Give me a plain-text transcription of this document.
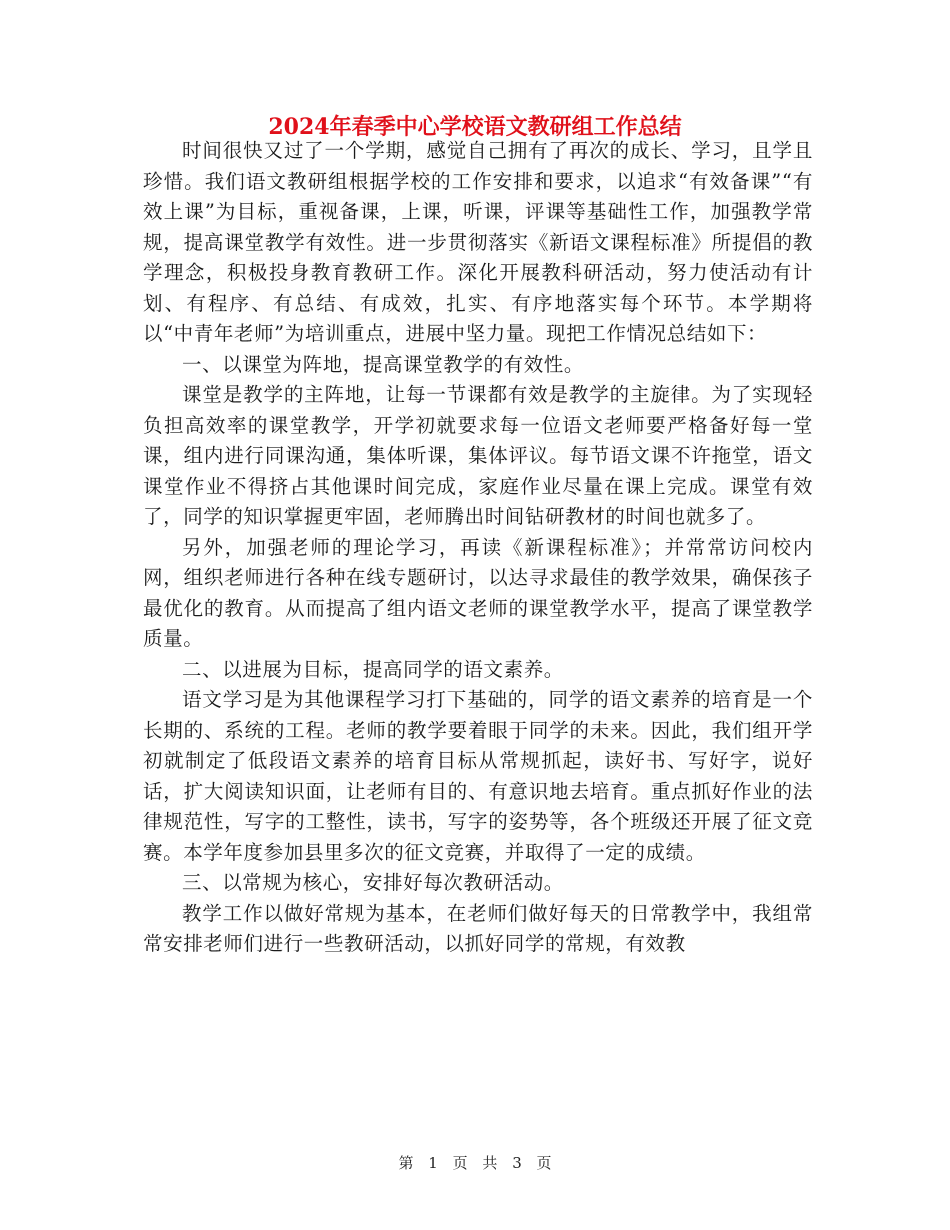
2024年春季中心学校语文教研组工作总结

时间很快又过了一个学期，感觉自己拥有了再次的成长、学习，且学且珍惜。我们语文教研组根据学校的工作安排和要求，以追求“有效备课”“有效上课”为目标，重视备课，上课，听课，评课等基础性工作，加强教学常规，提高课堂教学有效性。进一步贯彻落实《新语文课程标准》所提倡的教学理念，积极投身教育教研工作。深化开展教科研活动，努力使活动有计划、有程序、有总结、有成效，扎实、有序地落实每个环节。本学期将以“中青年老师”为培训重点，进展中坚力量。现把工作情况总结如下：

一、以课堂为阵地，提高课堂教学的有效性。

课堂是教学的主阵地，让每一节课都有效是教学的主旋律。为了实现轻负担高效率的课堂教学，开学初就要求每一位语文老师要严格备好每一堂课，组内进行同课沟通，集体听课，集体评议。每节语文课不许拖堂，语文课堂作业不得挤占其他课时间完成，家庭作业尽量在课上完成。课堂有效了，同学的知识掌握更牢固，老师腾出时间钻研教材的时间也就多了。

另外，加强老师的理论学习，再读《新课程标准》；并常常访问校内网，组织老师进行各种在线专题研讨，以达寻求最佳的教学效果，确保孩子最优化的教育。从而提高了组内语文老师的课堂教学水平，提高了课堂教学质量。

二、以进展为目标，提高同学的语文素养。

语文学习是为其他课程学习打下基础的，同学的语文素养的培育是一个长期的、系统的工程。老师的教学要着眼于同学的未来。因此，我们组开学初就制定了低段语文素养的培育目标从常规抓起，读好书、写好字，说好话，扩大阅读知识面，让老师有目的、有意识地去培育。重点抓好作业的法律规范性，写字的工整性，读书，写字的姿势等，各个班级还开展了征文竞赛。本学年度参加县里多次的征文竞赛，并取得了一定的成绩。

三、以常规为核心，安排好每次教研活动。

教学工作以做好常规为基本，在老师们做好每天的日常教学中，我组常常安排老师们进行一些教研活动，以抓好同学的常规，有效教

第 1 页 共 3 页
